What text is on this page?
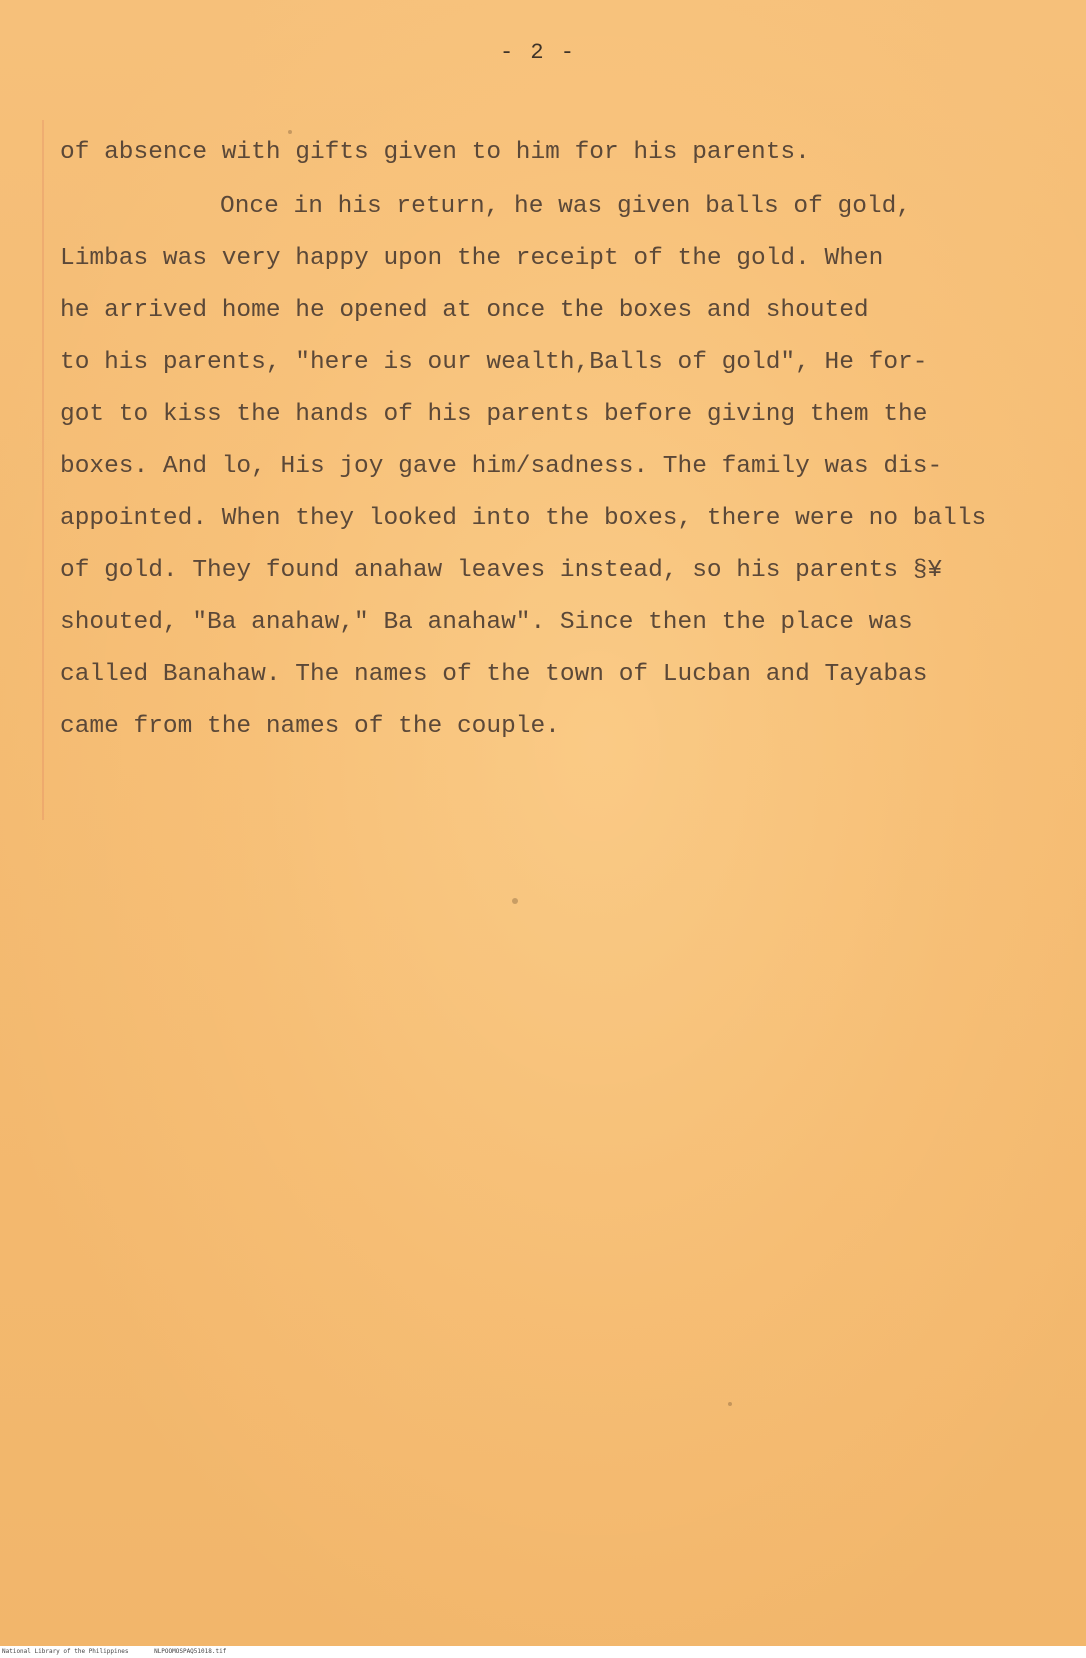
- 2 -
of absence with gifts given to him for his parents.
Once in his return, he was given balls of gold,
Limbas was very happy upon the receipt of the gold. When
he arrived home he opened at once the boxes and shouted
to his parents, "here is our wealth,Balls of gold", He for-
got to kiss the hands of his parents before giving them the
boxes. And lo, His joy gave him/sadness. The family was dis-
appointed. When they looked into the boxes, there were no balls
of gold. They found anahaw leaves instead, so his parents §¥
shouted, "Ba anahaw," Ba anahaw". Since then the place was
called Banahaw. The names of the town of Lucban and Tayabas
came from the names of the couple.
National Library of the Philippines	NLPOOMOSPAQ51018.tif
